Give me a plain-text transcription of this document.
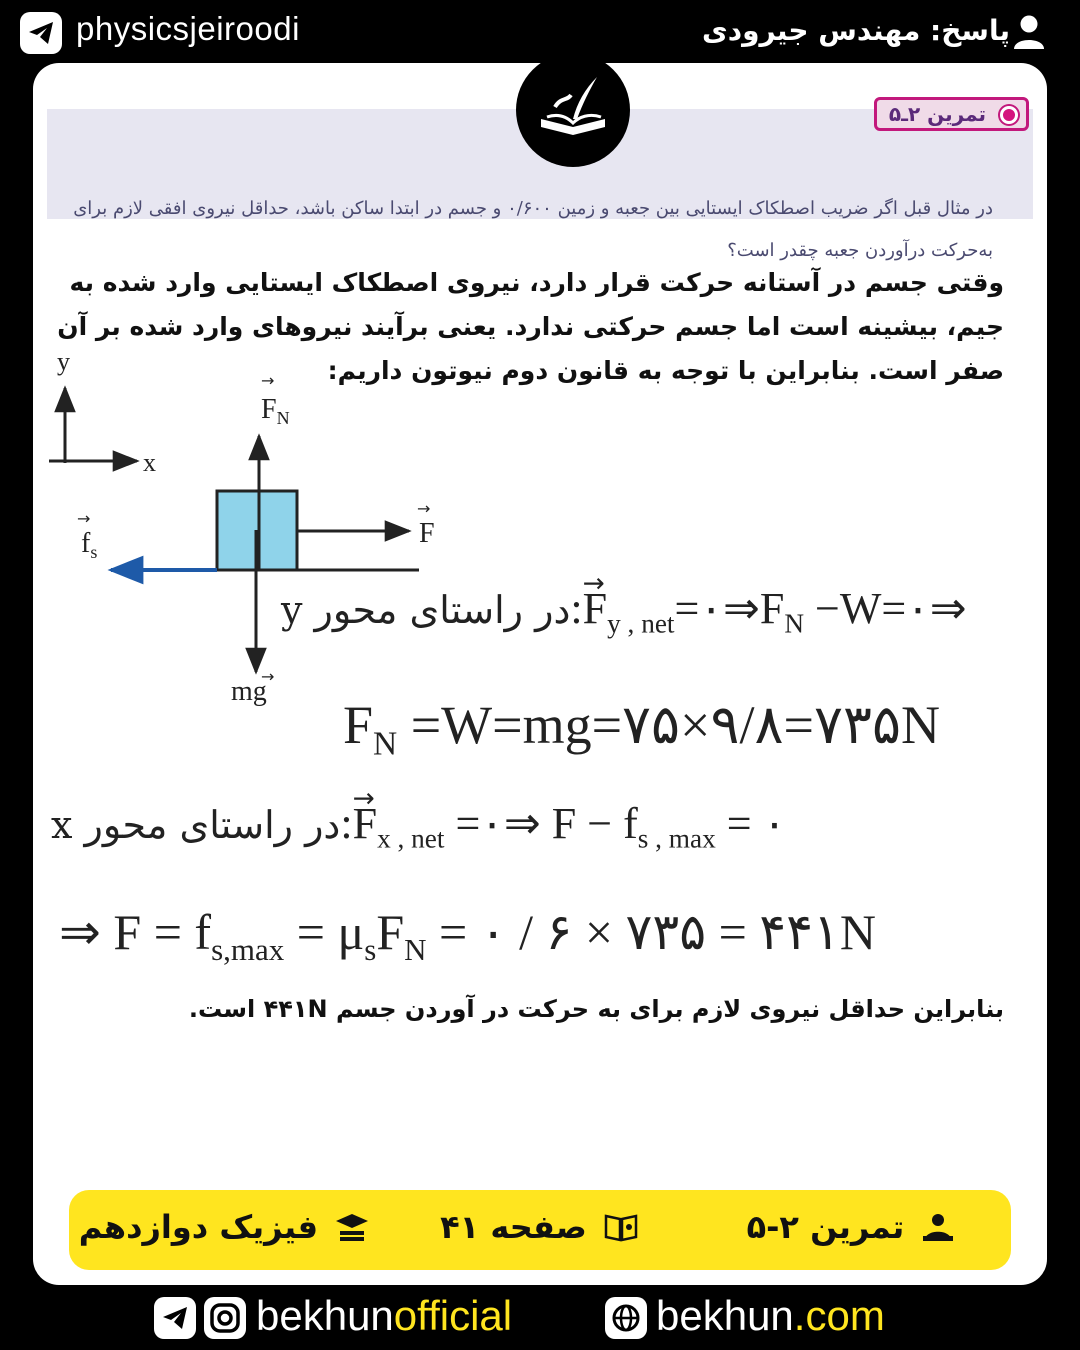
physicsjeiroodi	پاسخ: مهندس جیرودی
در مثال قبل اگر ضریب اصطکاک ایستایی بین جعبه و زمین ۰/۶۰۰ و جسم در ابتدا ساکن باشد، حداقل نیروی افقی لازم برای به‌حرکت درآوردن جعبه چقدر است؟
تمرین ۲ـ۵
وقتی جسم در آستانه حرکت قرار دارد، نیروی اصطکاک ایستایی وارد شده به جیم، بیشینه است اما جسم حرکتی ندارد. یعنی برآیند نیروهای وارد شده بر آن صفر است. بنابراین با توجه به قانون دوم نیوتون داریم:
y
x
→
$F_N$
→
F
→
$f_s$
→
mg
در راستای محور y:→ $F_{y , net}=۰\Rightarrow F_N$ −W=۰⇒
$F_N$ =W=mg=۷۵×۹/۸=۷۳۵N
در راستای محور x:→ $F_{x , net}$ =۰⇒ $F - f_{s , max}$ = ۰
⇒ $F = f_{s,max} = \mu_sF_N$ = ۰ / ۶ × ۷۳۵ = ۴۴۱N
بنابراین حداقل نیروی لازم برای به حرکت در آوردن جسم ۴۴۱N است.
تمرین ۲-۵
صفحه ۴۱
فیزیک دوازدهم
bekhunofficial	bekhun.com
